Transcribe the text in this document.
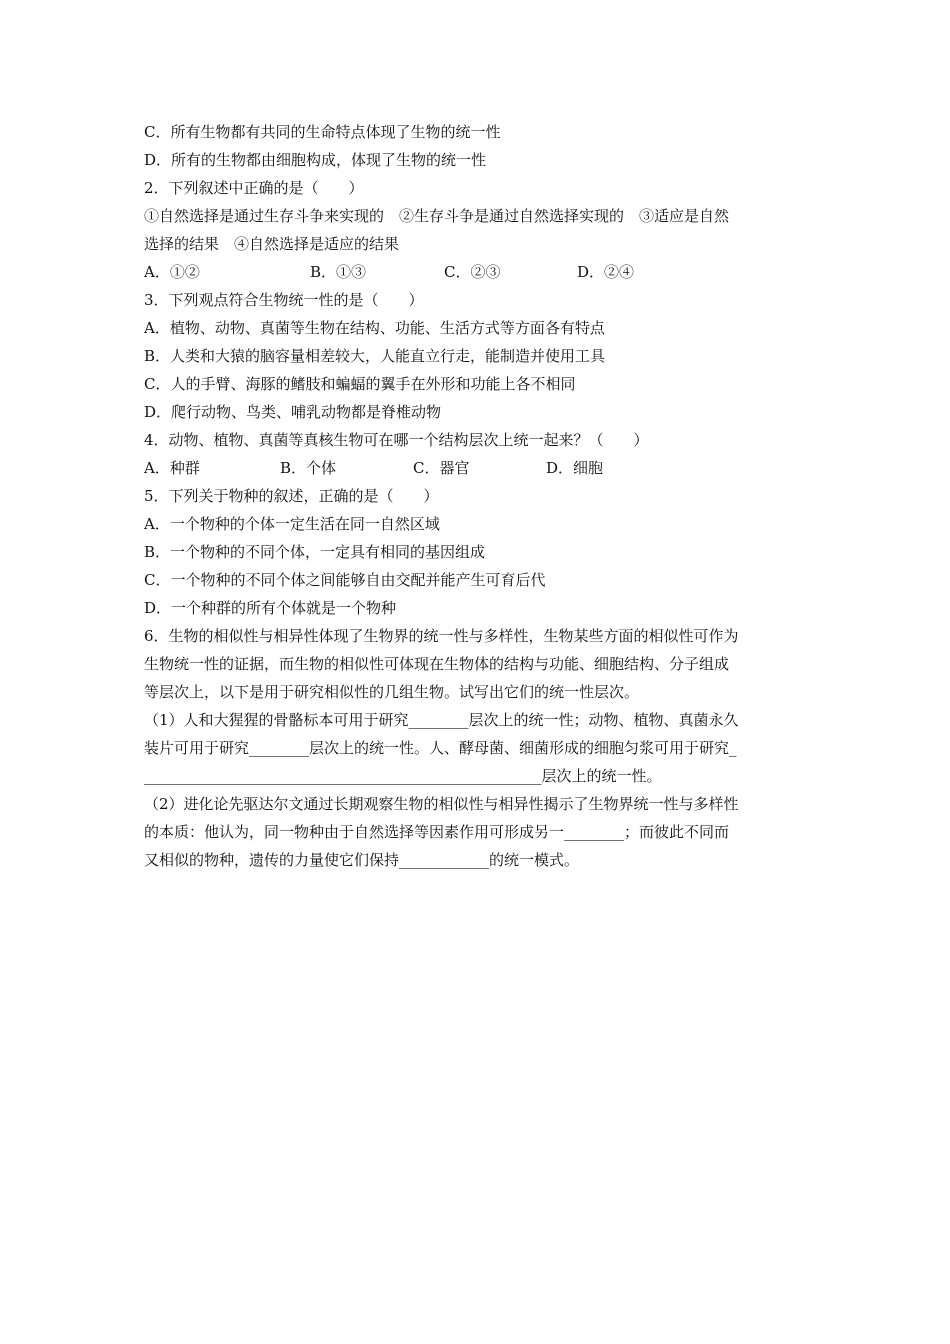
C．所有生物都有共同的生命特点体现了生物的统一性
D．所有的生物都由细胞构成，体现了生物的统一性
2．下列叙述中正确的是（　　）
①自然选择是通过生存斗争来实现的　②生存斗争是通过自然选择实现的　③适应是自然
选择的结果　④自然选择是适应的结果
A．①②	B．①③	C．②③	D．②④
3．下列观点符合生物统一性的是（　　）
A．植物、动物、真菌等生物在结构、功能、生活方式等方面各有特点
B．人类和大猿的脑容量相差较大，人能直立行走，能制造并使用工具
C．人的手臂、海豚的鳍肢和蝙蝠的翼手在外形和功能上各不相同
D．爬行动物、鸟类、哺乳动物都是脊椎动物
4．动物、植物、真菌等真核生物可在哪一个结构层次上统一起来？（　　）
A．种群	B．个体	C．器官	D．细胞
5．下列关于物种的叙述，正确的是（　　）
A．一个物种的个体一定生活在同一自然区域
B．一个物种的不同个体，一定具有相同的基因组成
C．一个物种的不同个体之间能够自由交配并能产生可育后代
D．一个种群的所有个体就是一个物种
6．生物的相似性与相异性体现了生物界的统一性与多样性，生物某些方面的相似性可作为
生物统一性的证据，而生物的相似性可体现在生物体的结构与功能、细胞结构、分子组成
等层次上，以下是用于研究相似性的几组生物。试写出它们的统一性层次。
（1）人和大猩猩的骨骼标本可用于研究________层次上的统一性；动物、植物、真菌永久
装片可用于研究________层次上的统一性。人、酵母菌、细菌形成的细胞匀浆可用于研究_
_____________________________________________________层次上的统一性。
（2）进化论先驱达尔文通过长期观察生物的相似性与相异性揭示了生物界统一性与多样性
的本质：他认为，同一物种由于自然选择等因素作用可形成另一________；而彼此不同而
又相似的物种，遗传的力量使它们保持____________的统一模式。
